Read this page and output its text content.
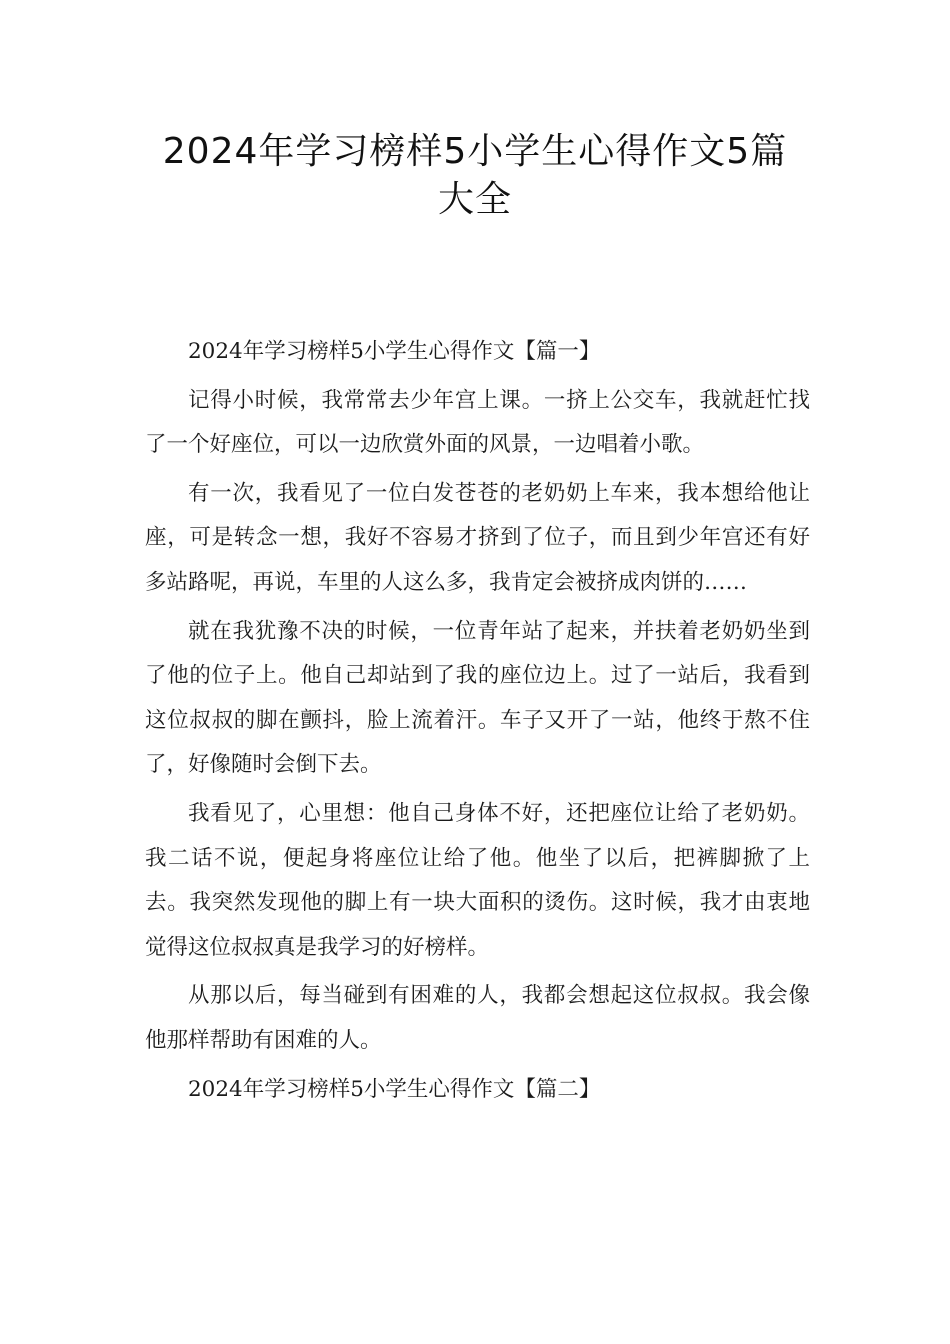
2024年学习榜样5小学生心得作文5篇
大全

2024年学习榜样5小学生心得作文【篇一】

记得小时候，我常常去少年宫上课。一挤上公交车，我就赶忙找了一个好座位，可以一边欣赏外面的风景，一边唱着小歌。

有一次，我看见了一位白发苍苍的老奶奶上车来，我本想给他让座，可是转念一想，我好不容易才挤到了位子，而且到少年宫还有好多站路呢，再说，车里的人这么多，我肯定会被挤成肉饼的……

就在我犹豫不决的时候，一位青年站了起来，并扶着老奶奶坐到了他的位子上。他自己却站到了我的座位边上。过了一站后，我看到这位叔叔的脚在颤抖，脸上流着汗。车子又开了一站，他终于熬不住了，好像随时会倒下去。

我看见了，心里想：他自己身体不好，还把座位让给了老奶奶。我二话不说，便起身将座位让给了他。他坐了以后，把裤脚掀了上去。我突然发现他的脚上有一块大面积的烫伤。这时候，我才由衷地觉得这位叔叔真是我学习的好榜样。

从那以后，每当碰到有困难的人，我都会想起这位叔叔。我会像他那样帮助有困难的人。

2024年学习榜样5小学生心得作文【篇二】
